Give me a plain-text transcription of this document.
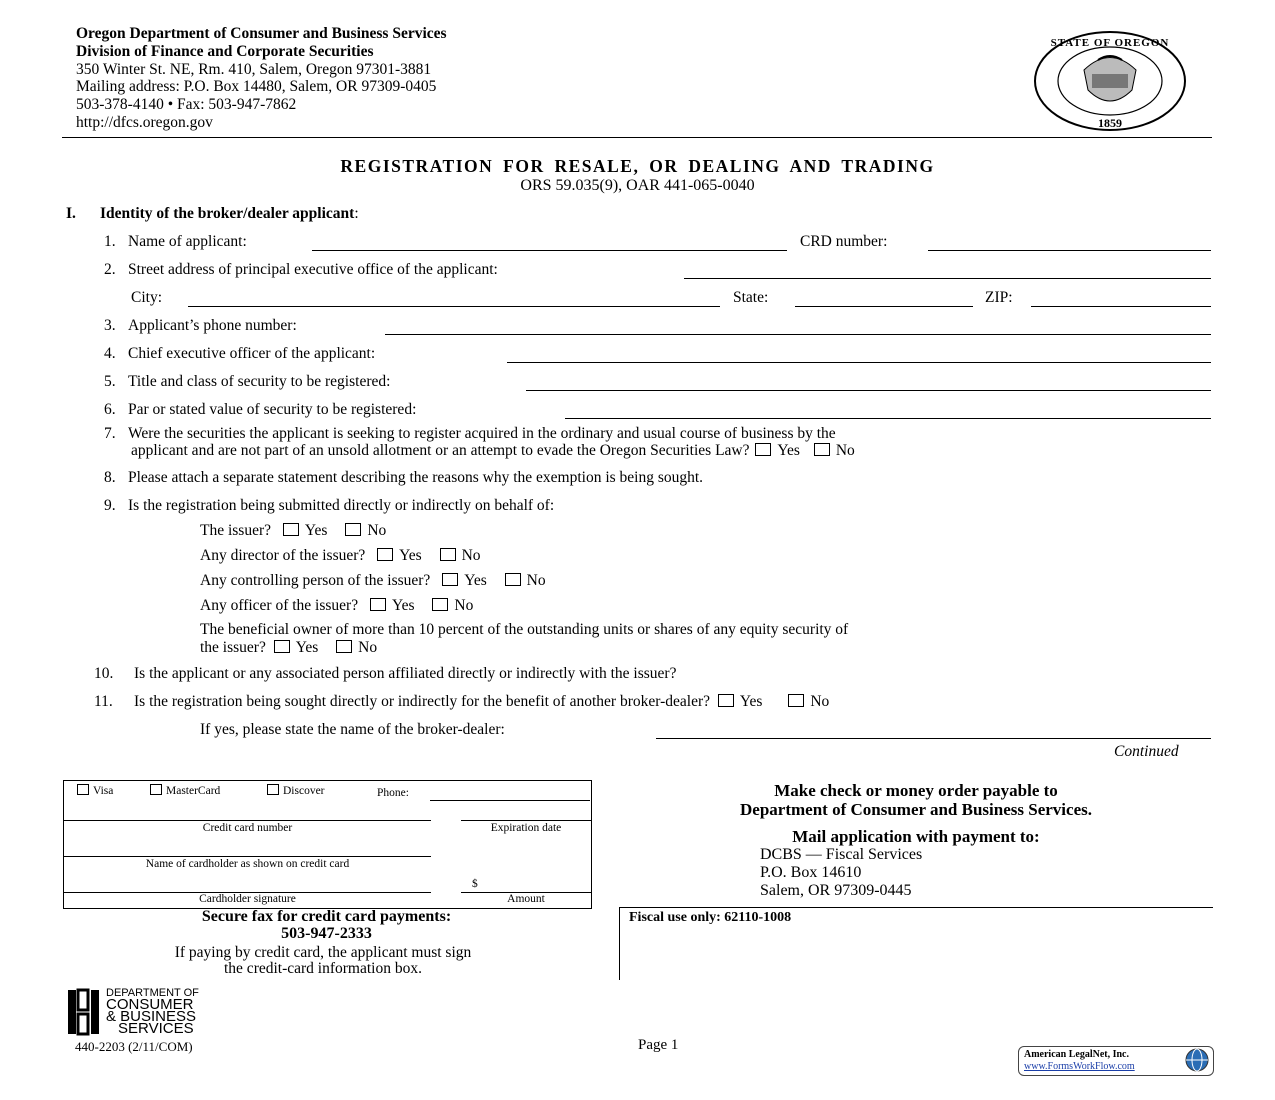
Oregon Department of Consumer and Business Services
Division of Finance and Corporate Securities
350 Winter St. NE, Rm. 410, Salem, Oregon 97301-3881
Mailing address: P.O. Box 14480, Salem, OR 97309-0405
503-378-4140 • Fax: 503-947-7862
http://dfcs.oregon.gov
STATE OF OREGON
1859
REGISTRATION FOR RESALE, OR DEALING AND TRADING
ORS 59.035(9), OAR 441-065-0040
I. Identity of the broker/dealer applicant:
1. Name of applicant:	CRD number:
2. Street address of principal executive office of the applicant:
City:	State:	ZIP:
3. Applicant’s phone number:
4. Chief executive officer of the applicant:
5. Title and class of security to be registered:
6. Par or stated value of security to be registered:
7. Were the securities the applicant is seeking to register acquired in the ordinary and usual course of business by the
applicant and are not part of an unsold allotment or an attempt to evade the Oregon Securities Law? Yes No
8. Please attach a separate statement describing the reasons why the exemption is being sought.
9. Is the registration being submitted directly or indirectly on behalf of:
The issuer? Yes	No
Any director of the issuer? Yes	No
Any controlling person of the issuer? Yes	No
Any officer of the issuer? Yes	No
The beneficial owner of more than 10 percent of the outstanding units or shares of any equity security of
the issuer? Yes	No
10. Is the applicant or any associated person affiliated directly or indirectly with the issuer?
11. Is the registration being sought directly or indirectly for the benefit of another broker-dealer? Yes	No
If yes, please state the name of the broker-dealer:
Continued
Visa	MasterCard	Discover	Phone:
Credit card number	Expiration date
Name of cardholder as shown on credit card
$
Cardholder signature	Amount
Secure fax for credit card payments:
503-947-2333
If paying by credit card, the applicant must sign
the credit-card information box.
Make check or money order payable to
Department of Consumer and Business Services.
Mail application with payment to:
DCBS — Fiscal Services
P.O. Box 14610
Salem, OR 97309-0445
Fiscal use only: 62110-1008
DEPARTMENT OF
CONSUMER
& BUSINESS
SERVICES
440-2203 (2/11/COM)	Page 1
American LegalNet, Inc.
www.FormsWorkFlow.com
